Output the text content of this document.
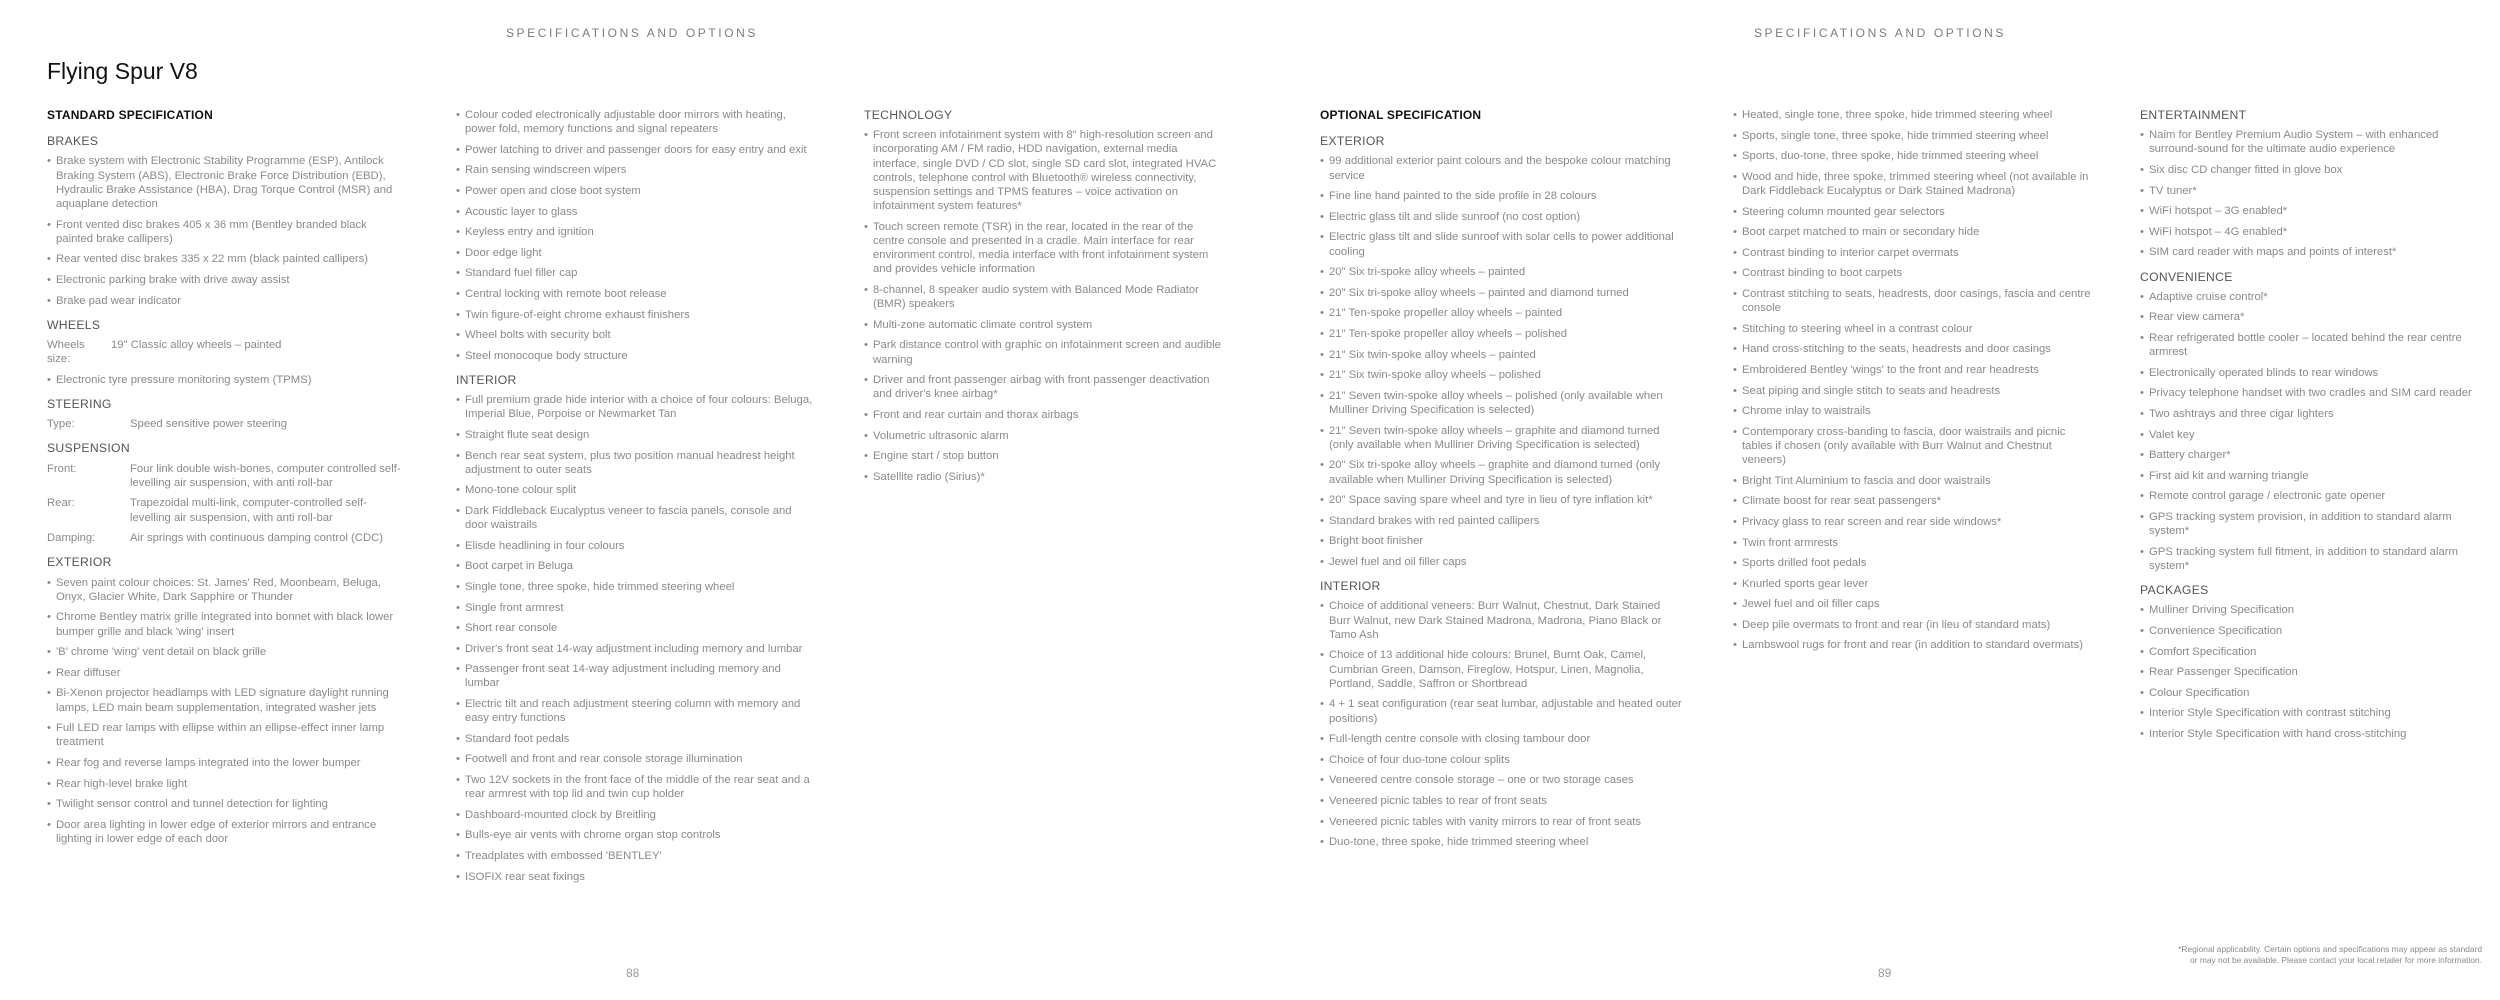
SPECIFICATIONS AND OPTIONS	SPECIFICATIONS AND OPTIONS
Flying Spur V8
STANDARD SPECIFICATION
BRAKES
• Brake system with Electronic Stability Programme (ESP), Antilock Braking System (ABS), Electronic Brake Force Distribution (EBD), Hydraulic Brake Assistance (HBA), Drag Torque Control (MSR) and aquaplane detection
• Front vented disc brakes 405 x 36 mm (Bentley branded black painted brake callipers)
• Rear vented disc brakes 335 x 22 mm (black painted callipers)
• Electronic parking brake with drive away assist
• Brake pad wear indicator
WHEELS
Wheels size:
19" Classic alloy wheels – painted
• Electronic tyre pressure monitoring system (TPMS)
STEERING
Type:	Speed sensitive power steering
SUSPENSION
Front:	Four link double wish-bones, computer controlled self-levelling air suspension, with anti roll-bar
Rear:	Trapezoidal multi-link, computer-controlled self-levelling air suspension, with anti roll-bar
Damping:	Air springs with continuous damping control (CDC)
EXTERIOR
• Seven paint colour choices: St. James' Red, Moonbeam, Beluga, Onyx, Glacier White, Dark Sapphire or Thunder
• Chrome Bentley matrix grille integrated into bonnet with black lower bumper grille and black 'wing' insert
• 'B' chrome 'wing' vent detail on black grille
• Rear diffuser
• Bi-Xenon projector headlamps with LED signature daylight running lamps, LED main beam supplementation, integrated washer jets
• Full LED rear lamps with ellipse within an ellipse-effect inner lamp treatment
• Rear fog and reverse lamps integrated into the lower bumper
• Rear high-level brake light
• Twilight sensor control and tunnel detection for lighting
• Door area lighting in lower edge of exterior mirrors and entrance lighting in lower edge of each door
• Colour coded electronically adjustable door mirrors with heating, power fold, memory functions and signal repeaters
• Power latching to driver and passenger doors for easy entry and exit
• Rain sensing windscreen wipers
• Power open and close boot system
• Acoustic layer to glass
• Keyless entry and ignition
• Door edge light
• Standard fuel filler cap
• Central locking with remote boot release
• Twin figure-of-eight chrome exhaust finishers
• Wheel bolts with security bolt
• Steel monocoque body structure
INTERIOR
• Full premium grade hide interior with a choice of four colours: Beluga, Imperial Blue, Porpoise or Newmarket Tan
• Straight flute seat design
• Bench rear seat system, plus two position manual headrest height adjustment to outer seats
• Mono-tone colour split
• Dark Fiddleback Eucalyptus veneer to fascia panels, console and door waistrails
• Elisde headlining in four colours
• Boot carpet in Beluga
• Single tone, three spoke, hide trimmed steering wheel
• Single front armrest
• Short rear console
• Driver's front seat 14-way adjustment including memory and lumbar
• Passenger front seat 14-way adjustment including memory and lumbar
• Electric tilt and reach adjustment steering column with memory and easy entry functions
• Standard foot pedals
• Footwell and front and rear console storage illumination
• Two 12V sockets in the front face of the middle of the rear seat and a rear armrest with top lid and twin cup holder
• Dashboard-mounted clock by Breitling
• Bulls-eye air vents with chrome organ stop controls
• Treadplates with embossed 'BENTLEY'
• ISOFIX rear seat fixings
TECHNOLOGY
• Front screen infotainment system with 8" high-resolution screen and incorporating AM / FM radio, HDD navigation, external media interface, single DVD / CD slot, single SD card slot, integrated HVAC controls, telephone control with Bluetooth® wireless connectivity, suspension settings and TPMS features – voice activation on infotainment system features*
• Touch screen remote (TSR) in the rear, located in the rear of the centre console and presented in a cradle. Main interface for rear environment control, media interface with front infotainment system and provides vehicle information
• 8-channel, 8 speaker audio system with Balanced Mode Radiator (BMR) speakers
• Multi-zone automatic climate control system
• Park distance control with graphic on infotainment screen and audible warning
• Driver and front passenger airbag with front passenger deactivation and driver's knee airbag*
• Front and rear curtain and thorax airbags
• Volumetric ultrasonic alarm
• Engine start / stop button
• Satellite radio (Sirius)*
88
OPTIONAL SPECIFICATION
EXTERIOR
• 99 additional exterior paint colours and the bespoke colour matching service
• Fine line hand painted to the side profile in 28 colours
• Electric glass tilt and slide sunroof (no cost option)
• Electric glass tilt and slide sunroof with solar cells to power additional cooling
• 20" Six tri-spoke alloy wheels – painted
• 20" Six tri-spoke alloy wheels – painted and diamond turned
• 21" Ten-spoke propeller alloy wheels – painted
• 21" Ten-spoke propeller alloy wheels – polished
• 21" Six twin-spoke alloy wheels – painted
• 21" Six twin-spoke alloy wheels – polished
• 21" Seven twin-spoke alloy wheels – polished (only available when Mulliner Driving Specification is selected)
• 21" Seven twin-spoke alloy wheels – graphite and diamond turned (only available when Mulliner Driving Specification is selected)
• 20" Six tri-spoke alloy wheels – graphite and diamond turned (only available when Mulliner Driving Specification is selected)
• 20" Space saving spare wheel and tyre in lieu of tyre inflation kit*
• Standard brakes with red painted callipers
• Bright boot finisher
• Jewel fuel and oil filler caps
INTERIOR
• Choice of additional veneers: Burr Walnut, Chestnut, Dark Stained Burr Walnut, new Dark Stained Madrona, Madrona, Piano Black or Tamo Ash
• Choice of 13 additional hide colours: Brunel, Burnt Oak, Camel, Cumbrian Green, Damson, Fireglow, Hotspur, Linen, Magnolia, Portland, Saddle, Saffron or Shortbread
• 4 + 1 seat configuration (rear seat lumbar, adjustable and heated outer positions)
• Full-length centre console with closing tambour door
• Choice of four duo-tone colour splits
• Veneered centre console storage – one or two storage cases
• Veneered picnic tables to rear of front seats
• Veneered picnic tables with vanity mirrors to rear of front seats
• Duo-tone, three spoke, hide trimmed steering wheel
• Heated, single tone, three spoke, hide trimmed steering wheel
• Sports, single tone, three spoke, hide trimmed steering wheel
• Sports, duo-tone, three spoke, hide trimmed steering wheel
• Wood and hide, three spoke, trimmed steering wheel (not available in Dark Fiddleback Eucalyptus or Dark Stained Madrona)
• Steering column mounted gear selectors
• Boot carpet matched to main or secondary hide
• Contrast binding to interior carpet overmats
• Contrast binding to boot carpets
• Contrast stitching to seats, headrests, door casings, fascia and centre console
• Stitching to steering wheel in a contrast colour
• Hand cross-stitching to the seats, headrests and door casings
• Embroidered Bentley 'wings' to the front and rear headrests
• Seat piping and single stitch to seats and headrests
• Chrome inlay to waistrails
• Contemporary cross-banding to fascia, door waistrails and picnic tables if chosen (only available with Burr Walnut and Chestnut veneers)
• Bright Tint Aluminium to fascia and door waistrails
• Climate boost for rear seat passengers*
• Privacy glass to rear screen and rear side windows*
• Twin front armrests
• Sports drilled foot pedals
• Knurled sports gear lever
• Jewel fuel and oil filler caps
• Deep pile overmats to front and rear (in lieu of standard mats)
• Lambswool rugs for front and rear (in addition to standard overmats)
ENTERTAINMENT
• Naim for Bentley Premium Audio System – with enhanced surround-sound for the ultimate audio experience
• Six disc CD changer fitted in glove box
• TV tuner*
• WiFi hotspot – 3G enabled*
• WiFi hotspot – 4G enabled*
• SIM card reader with maps and points of interest*
CONVENIENCE
• Adaptive cruise control*
• Rear view camera*
• Rear refrigerated bottle cooler – located behind the rear centre armrest
• Electronically operated blinds to rear windows
• Privacy telephone handset with two cradles and SIM card reader
• Two ashtrays and three cigar lighters
• Valet key
• Battery charger*
• First aid kit and warning triangle
• Remote control garage / electronic gate opener
• GPS tracking system provision, in addition to standard alarm system*
• GPS tracking system full fitment, in addition to standard alarm system*
PACKAGES
• Mulliner Driving Specification
• Convenience Specification
• Comfort Specification
• Rear Passenger Specification
• Colour Specification
• Interior Style Specification with contrast stitching
• Interior Style Specification with hand cross-stitching
*Regional applicability. Certain options and specifications may appear as standard
or may not be available. Please contact your local retailer for more information.
89
